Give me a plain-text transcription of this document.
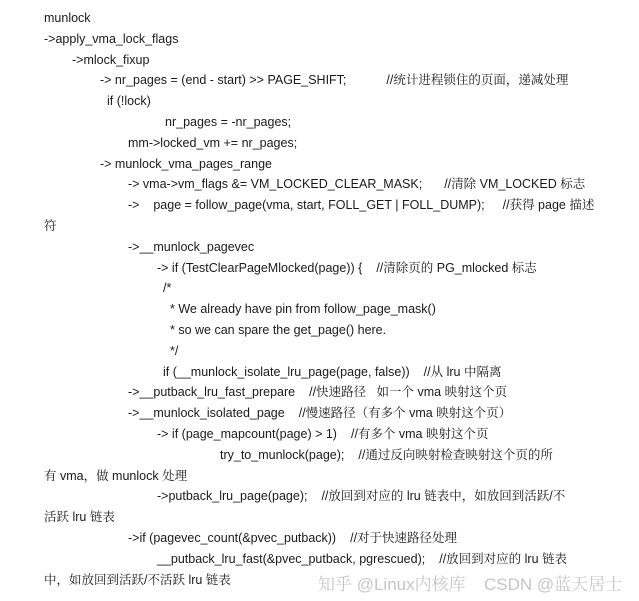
munlock
->apply_vma_lock_flags
->mlock_fixup
-> nr_pages = (end - start) >> PAGE_SHIFT;	//统计进程锁住的页面，递减处理
if (!lock)
nr_pages = -nr_pages;
mm->locked_vm += nr_pages;
-> munlock_vma_pages_range
-> vma->vm_flags &= VM_LOCKED_CLEAR_MASK; //清除 VM_LOCKED 标志
->    page = follow_page(vma, start, FOLL_GET | FOLL_DUMP); //获得 page 描述
符
->__munlock_pagevec
-> if (TestClearPageMlocked(page)) { //清除页的 PG_mlocked 标志
/*
* We already have pin from follow_page_mask()
* so we can spare the get_page() here.
*/
if (__munlock_isolate_lru_page(page, false)) //从 lru 中隔离
->__putback_lru_fast_prepare //快速路径   如一个 vma 映射这个页
->__munlock_isolated_page //慢速路径（有多个 vma 映射这个页）
-> if (page_mapcount(page) > 1) //有多个 vma 映射这个页
try_to_munlock(page); //通过反向映射检查映射这个页的所
有 vma，做 munlock 处理
->putback_lru_page(page); //放回到对应的 lru 链表中，如放回到活跃/不
活跃 lru 链表
->if (pagevec_count(&pvec_putback)) //对于快速路径处理
__putback_lru_fast(&pvec_putback, pgrescued); //放回到对应的 lru 链表
中，如放回到活跃/不活跃 lru 链表	知乎 @Linux内核库 CSDN @蓝天居士
